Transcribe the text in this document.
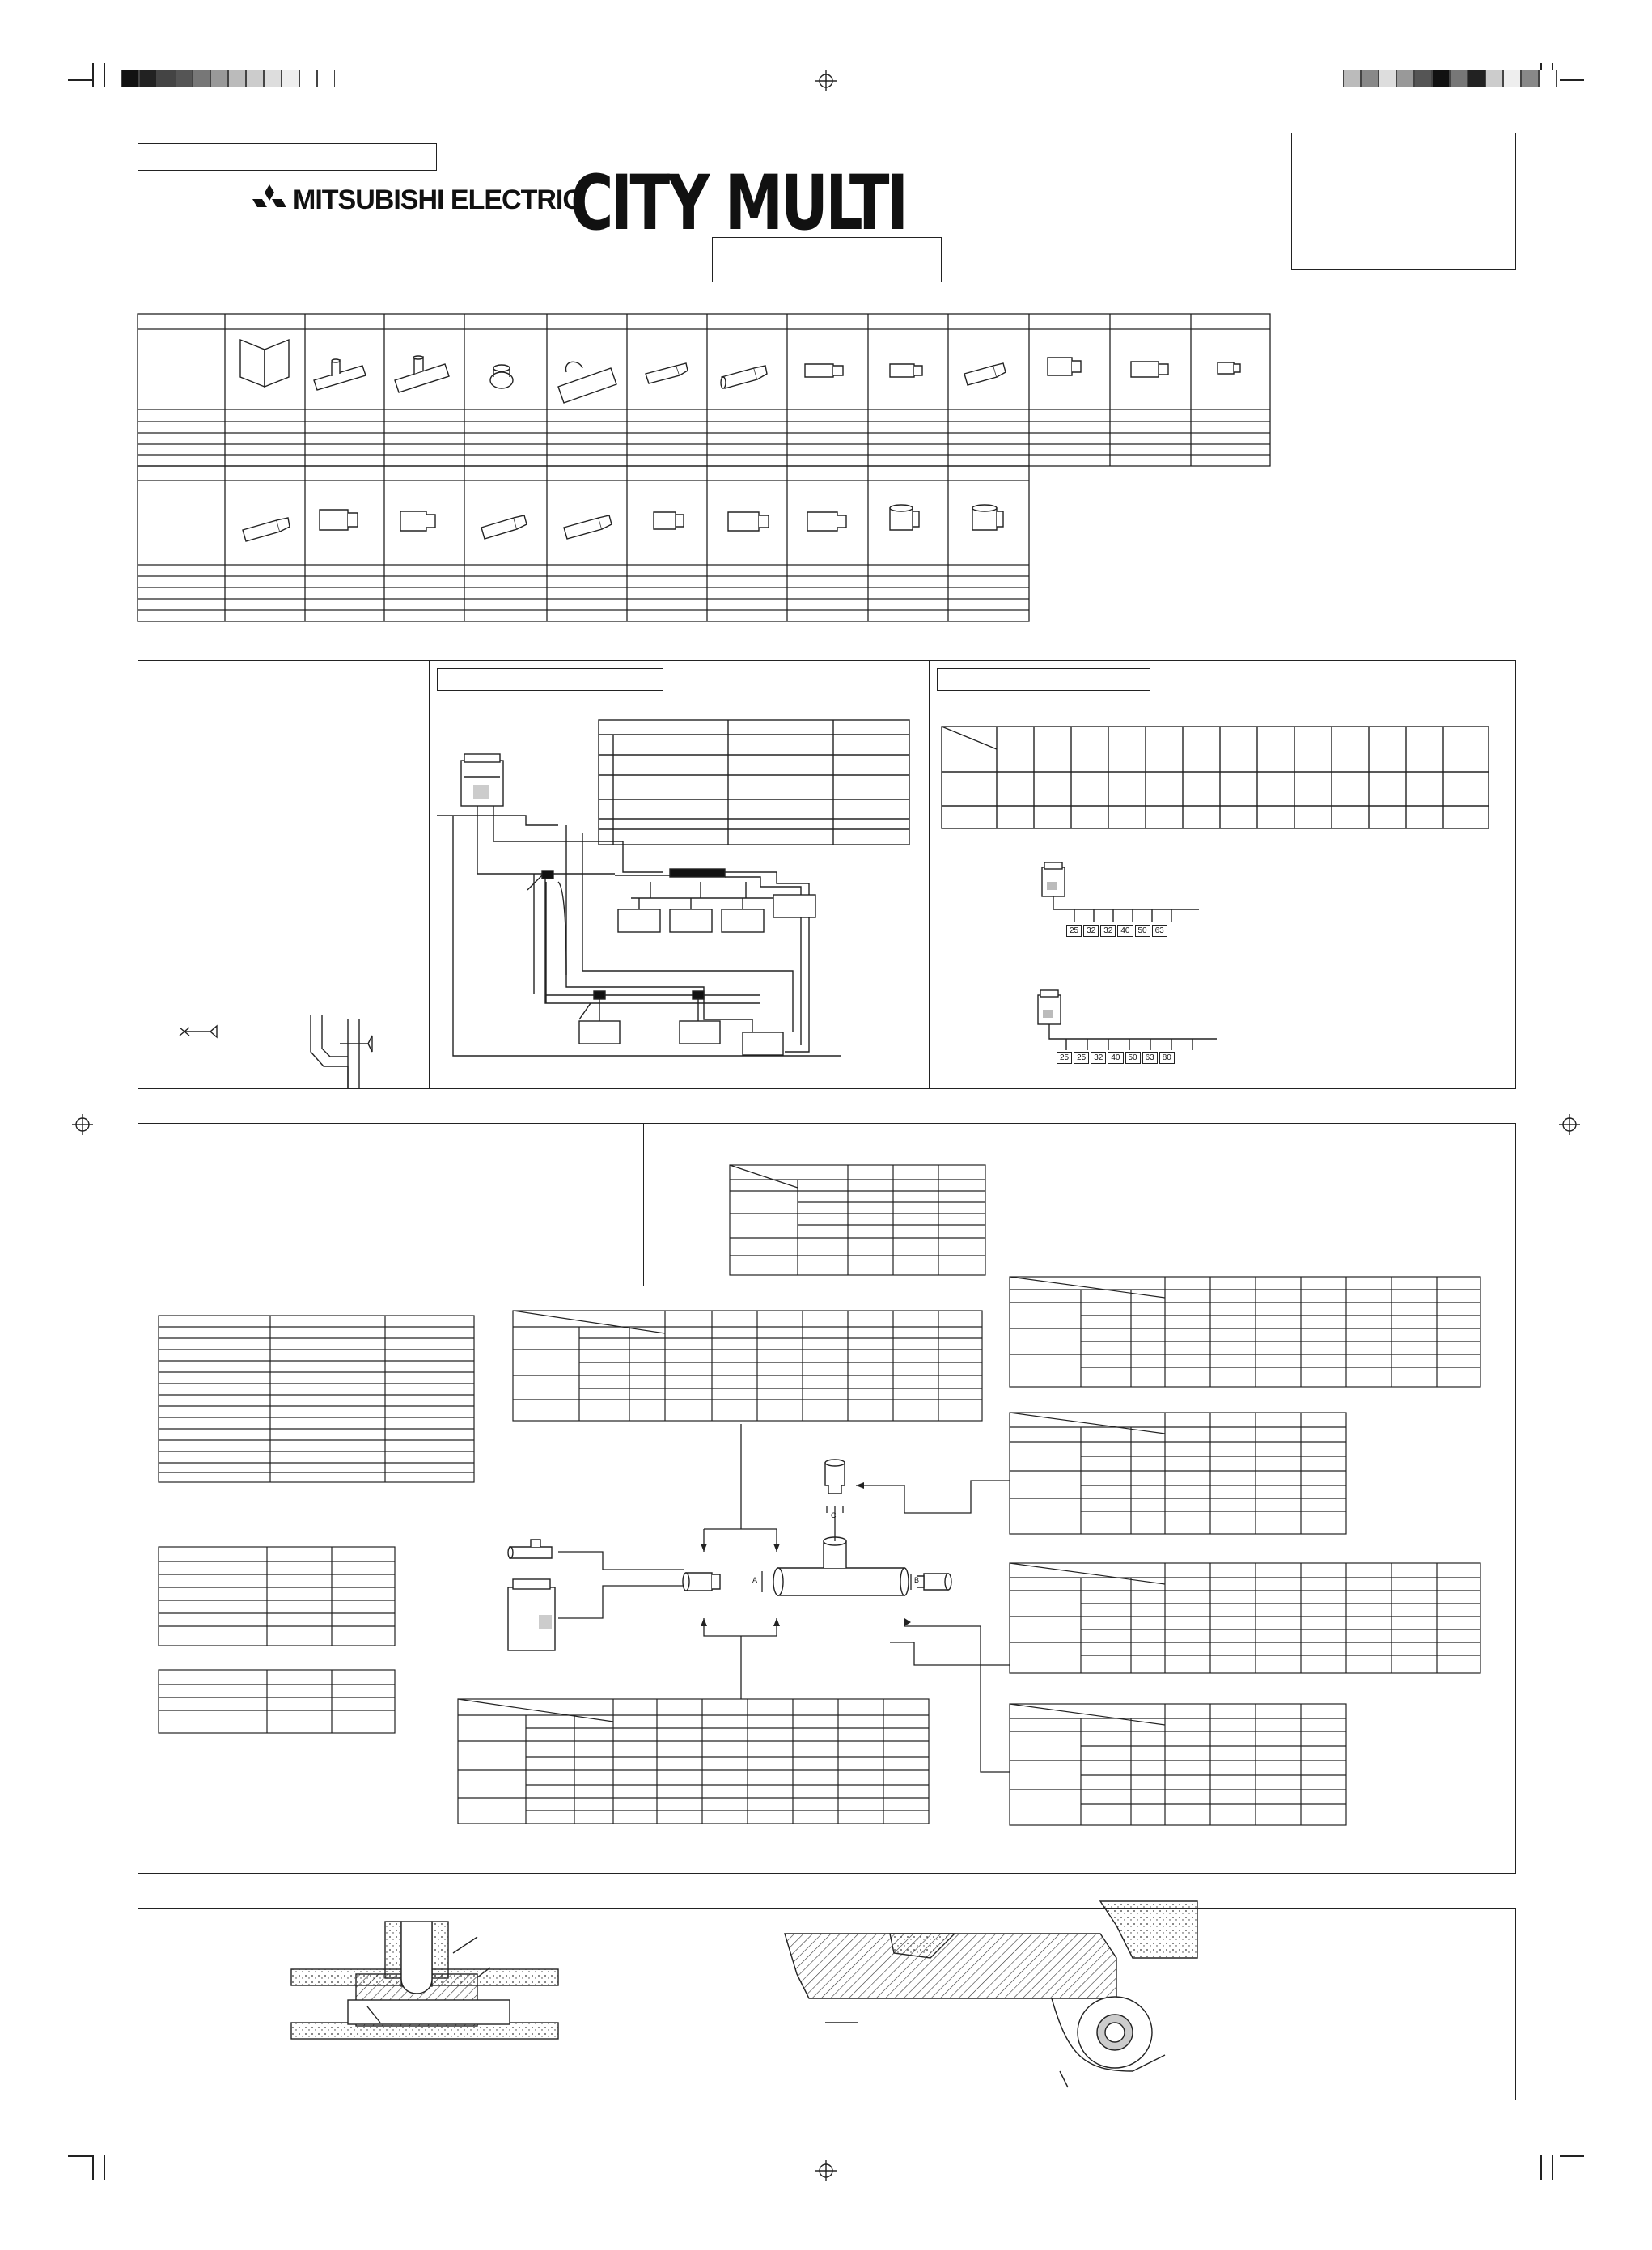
MITSUBISHI ELECTRIC
CITY MULTI
25	32	32	40	50	63
25	25	32	40	50	63	80
C
A	B
